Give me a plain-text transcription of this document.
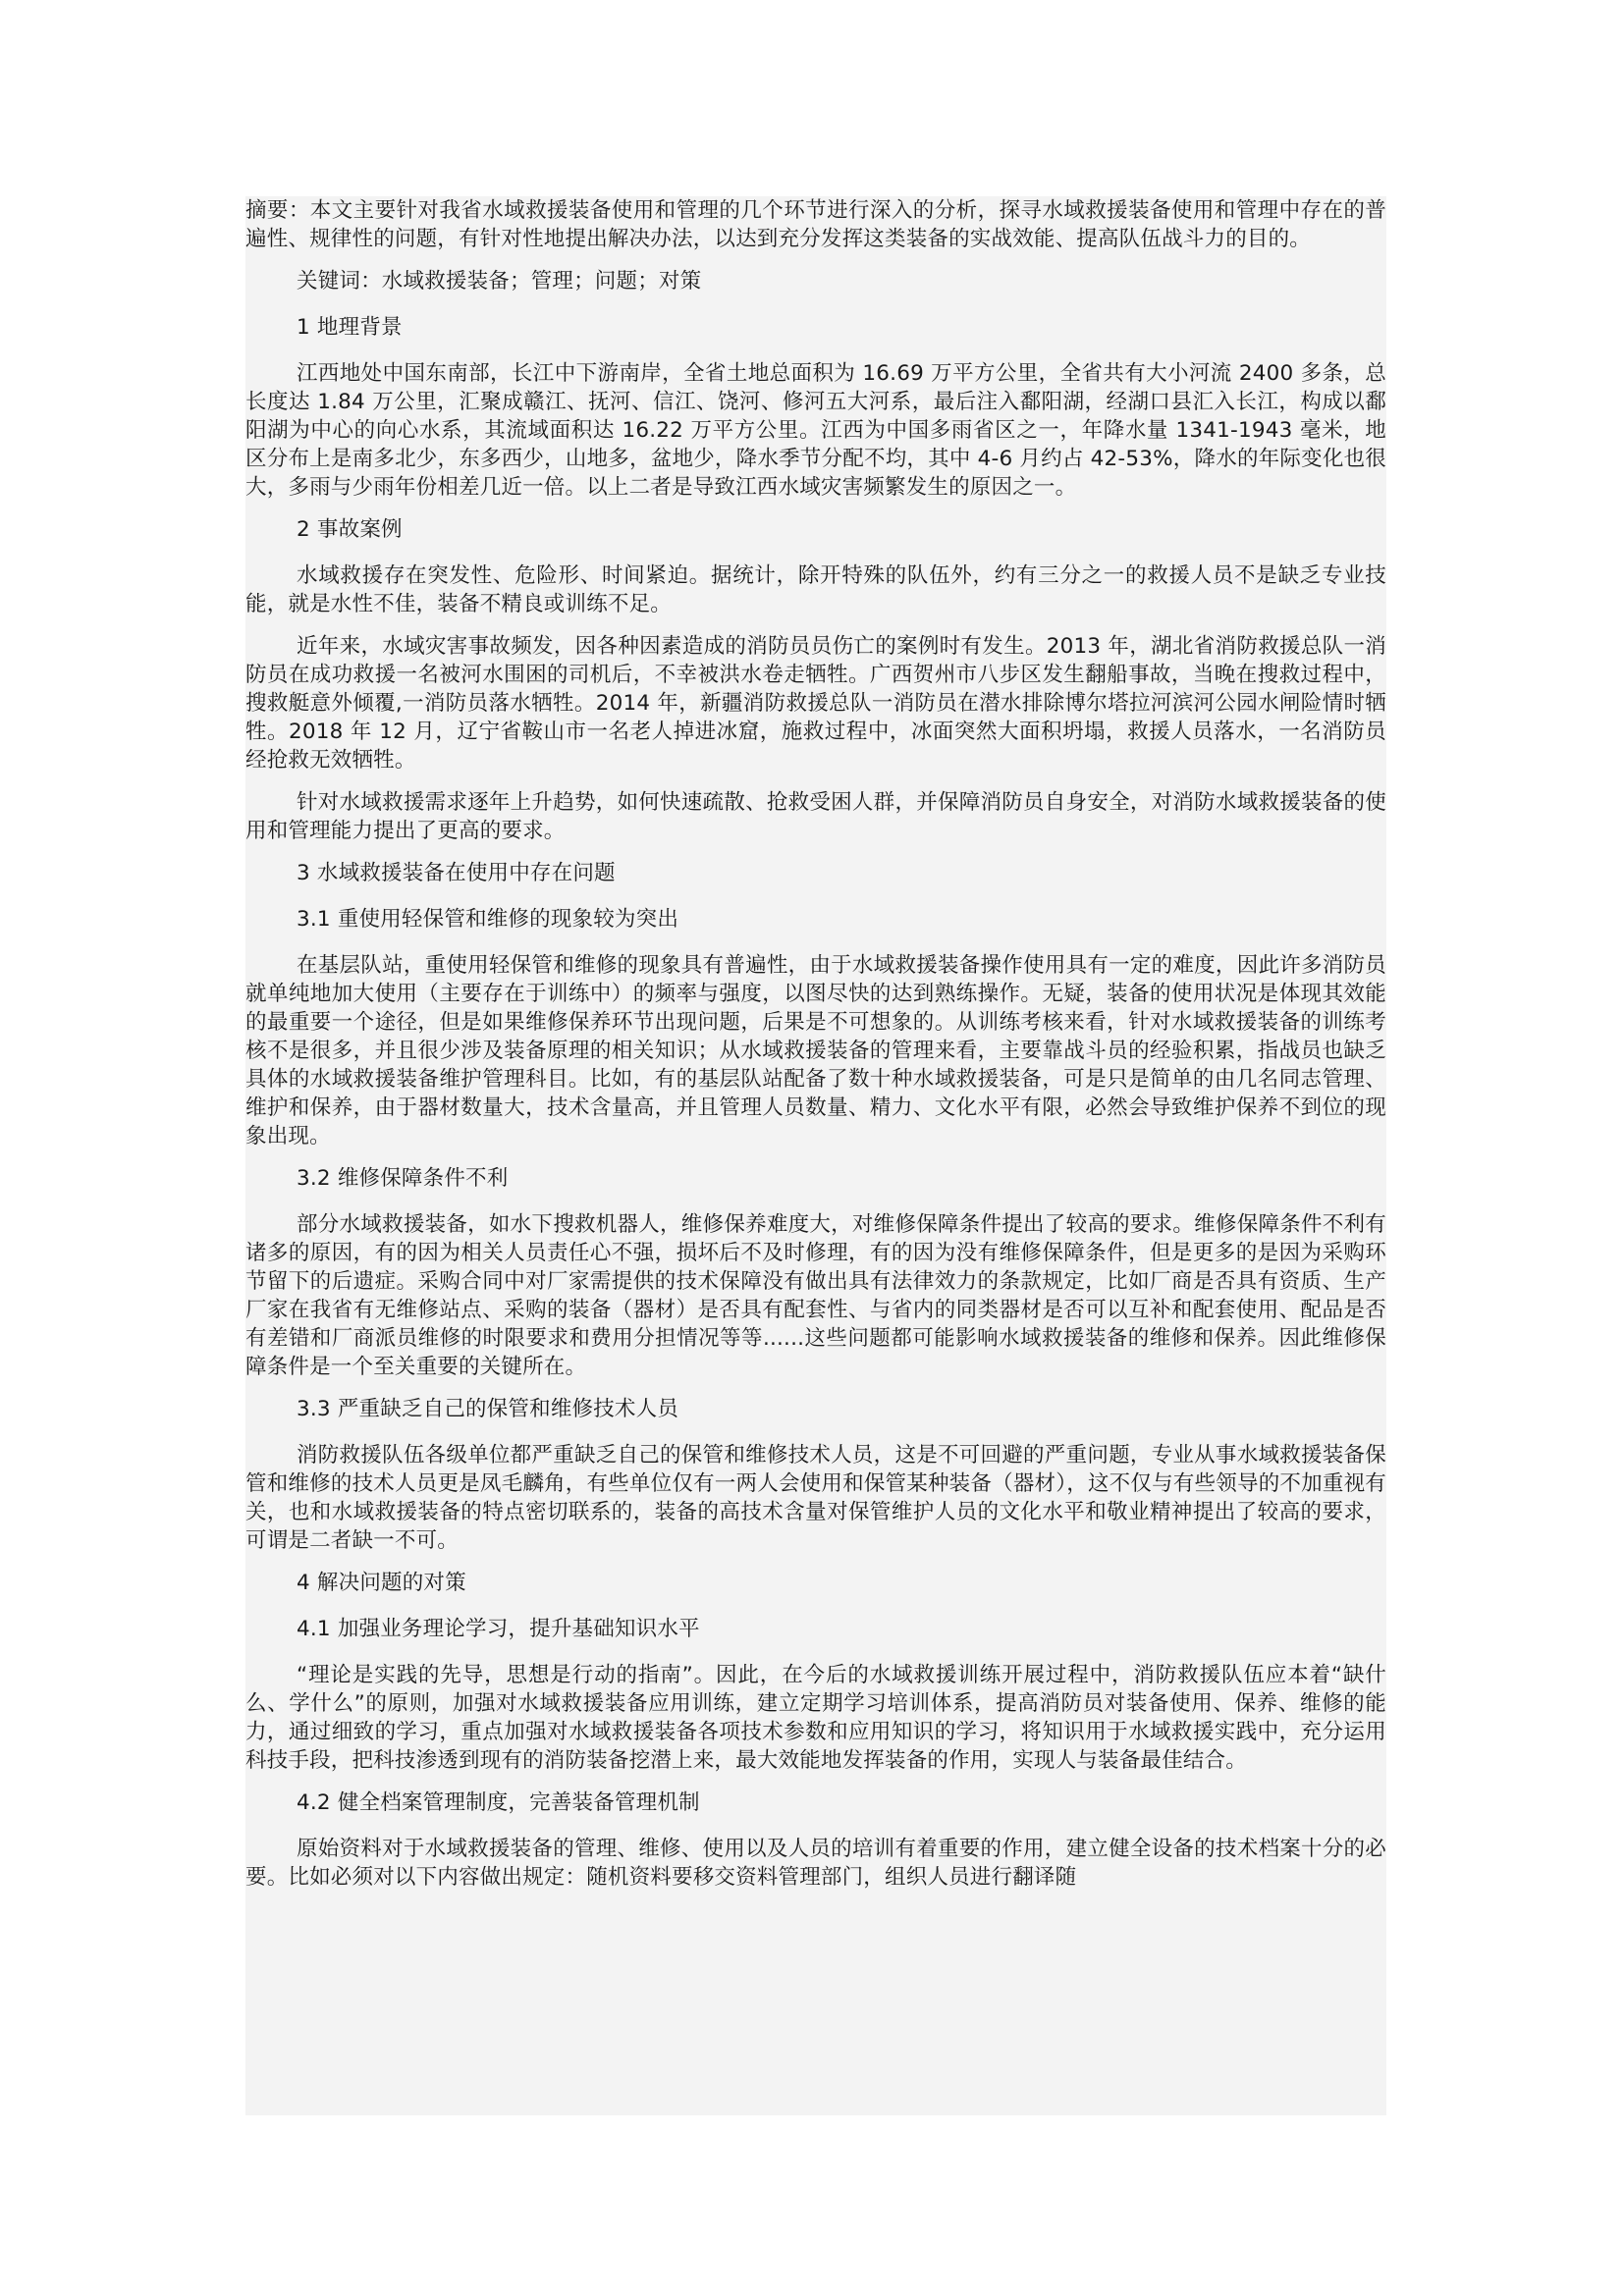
摘要：本文主要针对我省水域救援装备使用和管理的几个环节进行深入的分析，探寻水域救援装备使用和管理中存在的普遍性、规律性的问题，有针对性地提出解决办法，以达到充分发挥这类装备的实战效能、提高队伍战斗力的目的。

关键词：水域救援装备；管理；问题；对策

1 地理背景

江西地处中国东南部，长江中下游南岸，全省土地总面积为 16.69 万平方公里，全省共有大小河流 2400 多条，总长度达 1.84 万公里，汇聚成赣江、抚河、信江、饶河、修河五大河系，最后注入鄱阳湖，经湖口县汇入长江，构成以鄱阳湖为中心的向心水系，其流域面积达 16.22 万平方公里。江西为中国多雨省区之一，年降水量 1341-1943 毫米，地区分布上是南多北少，东多西少，山地多，盆地少，降水季节分配不均，其中 4-6 月约占 42-53%，降水的年际变化也很大，多雨与少雨年份相差几近一倍。以上二者是导致江西水域灾害频繁发生的原因之一。

2 事故案例

水域救援存在突发性、危险形、时间紧迫。据统计，除开特殊的队伍外，约有三分之一的救援人员不是缺乏专业技能，就是水性不佳，装备不精良或训练不足。

近年来，水域灾害事故频发，因各种因素造成的消防员员伤亡的案例时有发生。2013 年，湖北省消防救援总队一消防员在成功救援一名被河水围困的司机后，不幸被洪水卷走牺牲。广西贺州市八步区发生翻船事故，当晚在搜救过程中，搜救艇意外倾覆,一消防员落水牺牲。2014 年，新疆消防救援总队一消防员在潜水排除博尔塔拉河滨河公园水闸险情时牺牲。2018 年 12 月，辽宁省鞍山市一名老人掉进冰窟，施救过程中，冰面突然大面积坍塌，救援人员落水，一名消防员经抢救无效牺牲。

针对水域救援需求逐年上升趋势，如何快速疏散、抢救受困人群，并保障消防员自身安全，对消防水域救援装备的使用和管理能力提出了更高的要求。

3 水域救援装备在使用中存在问题

3.1 重使用轻保管和维修的现象较为突出

在基层队站，重使用轻保管和维修的现象具有普遍性，由于水域救援装备操作使用具有一定的难度，因此许多消防员就单纯地加大使用（主要存在于训练中）的频率与强度，以图尽快的达到熟练操作。无疑，装备的使用状况是体现其效能的最重要一个途径，但是如果维修保养环节出现问题，后果是不可想象的。从训练考核来看，针对水域救援装备的训练考核不是很多，并且很少涉及装备原理的相关知识；从水域救援装备的管理来看，主要靠战斗员的经验积累，指战员也缺乏具体的水域救援装备维护管理科目。比如，有的基层队站配备了数十种水域救援装备，可是只是简单的由几名同志管理、维护和保养，由于器材数量大，技术含量高，并且管理人员数量、精力、文化水平有限，必然会导致维护保养不到位的现象出现。

3.2 维修保障条件不利

部分水域救援装备，如水下搜救机器人，维修保养难度大，对维修保障条件提出了较高的要求。维修保障条件不利有诸多的原因，有的因为相关人员责任心不强，损坏后不及时修理，有的因为没有维修保障条件，但是更多的是因为采购环节留下的后遗症。采购合同中对厂家需提供的技术保障没有做出具有法律效力的条款规定，比如厂商是否具有资质、生产厂家在我省有无维修站点、采购的装备（器材）是否具有配套性、与省内的同类器材是否可以互补和配套使用、配品是否有差错和厂商派员维修的时限要求和费用分担情况等等......这些问题都可能影响水域救援装备的维修和保养。因此维修保障条件是一个至关重要的关键所在。

3.3 严重缺乏自己的保管和维修技术人员

消防救援队伍各级单位都严重缺乏自己的保管和维修技术人员，这是不可回避的严重问题，专业从事水域救援装备保管和维修的技术人员更是凤毛麟角，有些单位仅有一两人会使用和保管某种装备（器材），这不仅与有些领导的不加重视有关，也和水域救援装备的特点密切联系的，装备的高技术含量对保管维护人员的文化水平和敬业精神提出了较高的要求，可谓是二者缺一不可。

4 解决问题的对策

4.1 加强业务理论学习，提升基础知识水平

“理论是实践的先导，思想是行动的指南”。因此，在今后的水域救援训练开展过程中，消防救援队伍应本着“缺什么、学什么”的原则，加强对水域救援装备应用训练，建立定期学习培训体系，提高消防员对装备使用、保养、维修的能力，通过细致的学习，重点加强对水域救援装备各项技术参数和应用知识的学习，将知识用于水域救援实践中，充分运用科技手段，把科技渗透到现有的消防装备挖潜上来，最大效能地发挥装备的作用，实现人与装备最佳结合。

4.2 健全档案管理制度，完善装备管理机制

原始资料对于水域救援装备的管理、维修、使用以及人员的培训有着重要的作用，建立健全设备的技术档案十分的必要。比如必须对以下内容做出规定：随机资料要移交资料管理部门，组织人员进行翻译随
